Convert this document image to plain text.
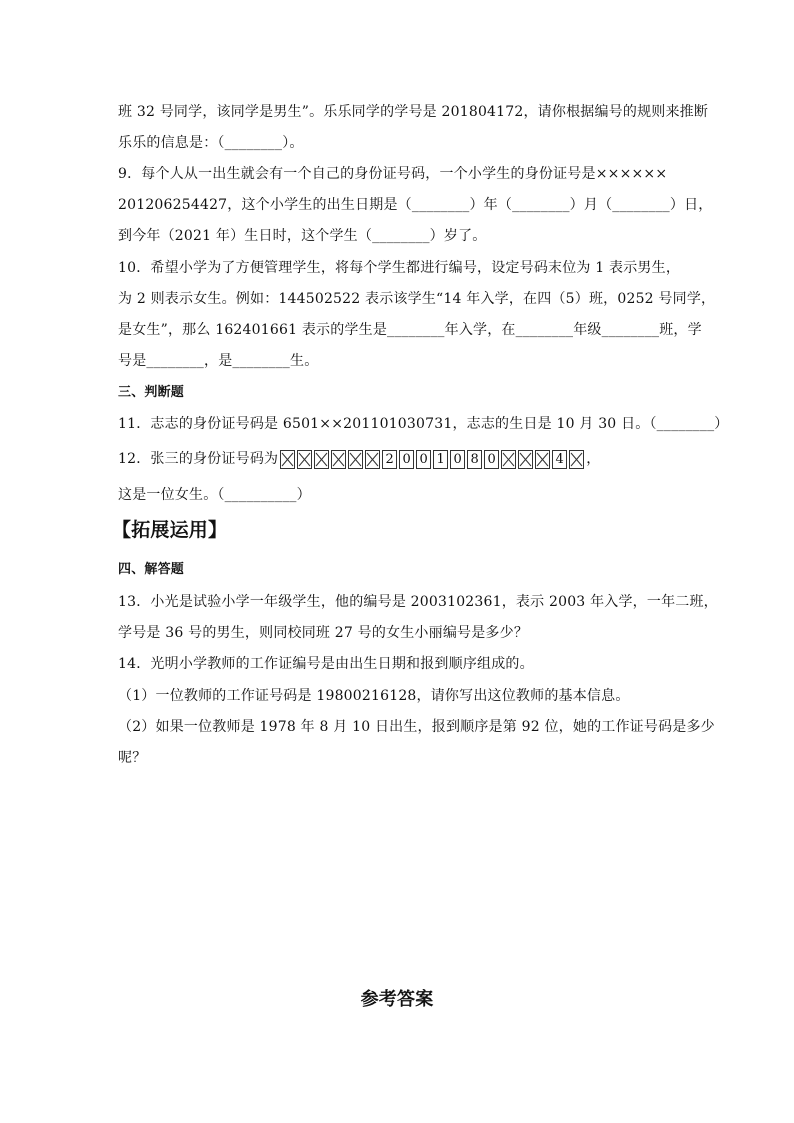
班 32 号同学，该同学是男生”。乐乐同学的学号是 201804172，请你根据编号的规则来推断
乐乐的信息是：（________）。
9．每个人从一出生就会有一个自己的身份证号码，一个小学生的身份证号是××××××
201206254427，这个小学生的出生日期是（________）年（________）月（________）日，
到今年（2021 年）生日时，这个学生（________）岁了。
10．希望小学为了方便管理学生，将每个学生都进行编号，设定号码末位为 1 表示男生，
为 2 则表示女生。例如：144502522 表示该学生“14 年入学，在四（5）班，0252 号同学，
是女生”，那么 162401661 表示的学生是________年入学，在________年级________班，学
号是________，是________生。
三、判断题
11．志志的身份证号码是 6501××201101030731，志志的生日是 10 月 30 日。（________）
12．张三的身份证号码为	2 0 0 1 0 8 0	4 ，
这是一位女生。（__________）
【拓展运用】
四、解答题
13．小光是试验小学一年级学生，他的编号是 2003102361，表示 2003 年入学，一年二班，
学号是 36 号的男生，则同校同班 27 号的女生小丽编号是多少？
14．光明小学教师的工作证编号是由出生日期和报到顺序组成的。
（1）一位教师的工作证号码是 19800216128，请你写出这位教师的基本信息。
（2）如果一位教师是 1978 年 8 月 10 日出生，报到顺序是第 92 位，她的工作证号码是多少
呢？
参考答案
